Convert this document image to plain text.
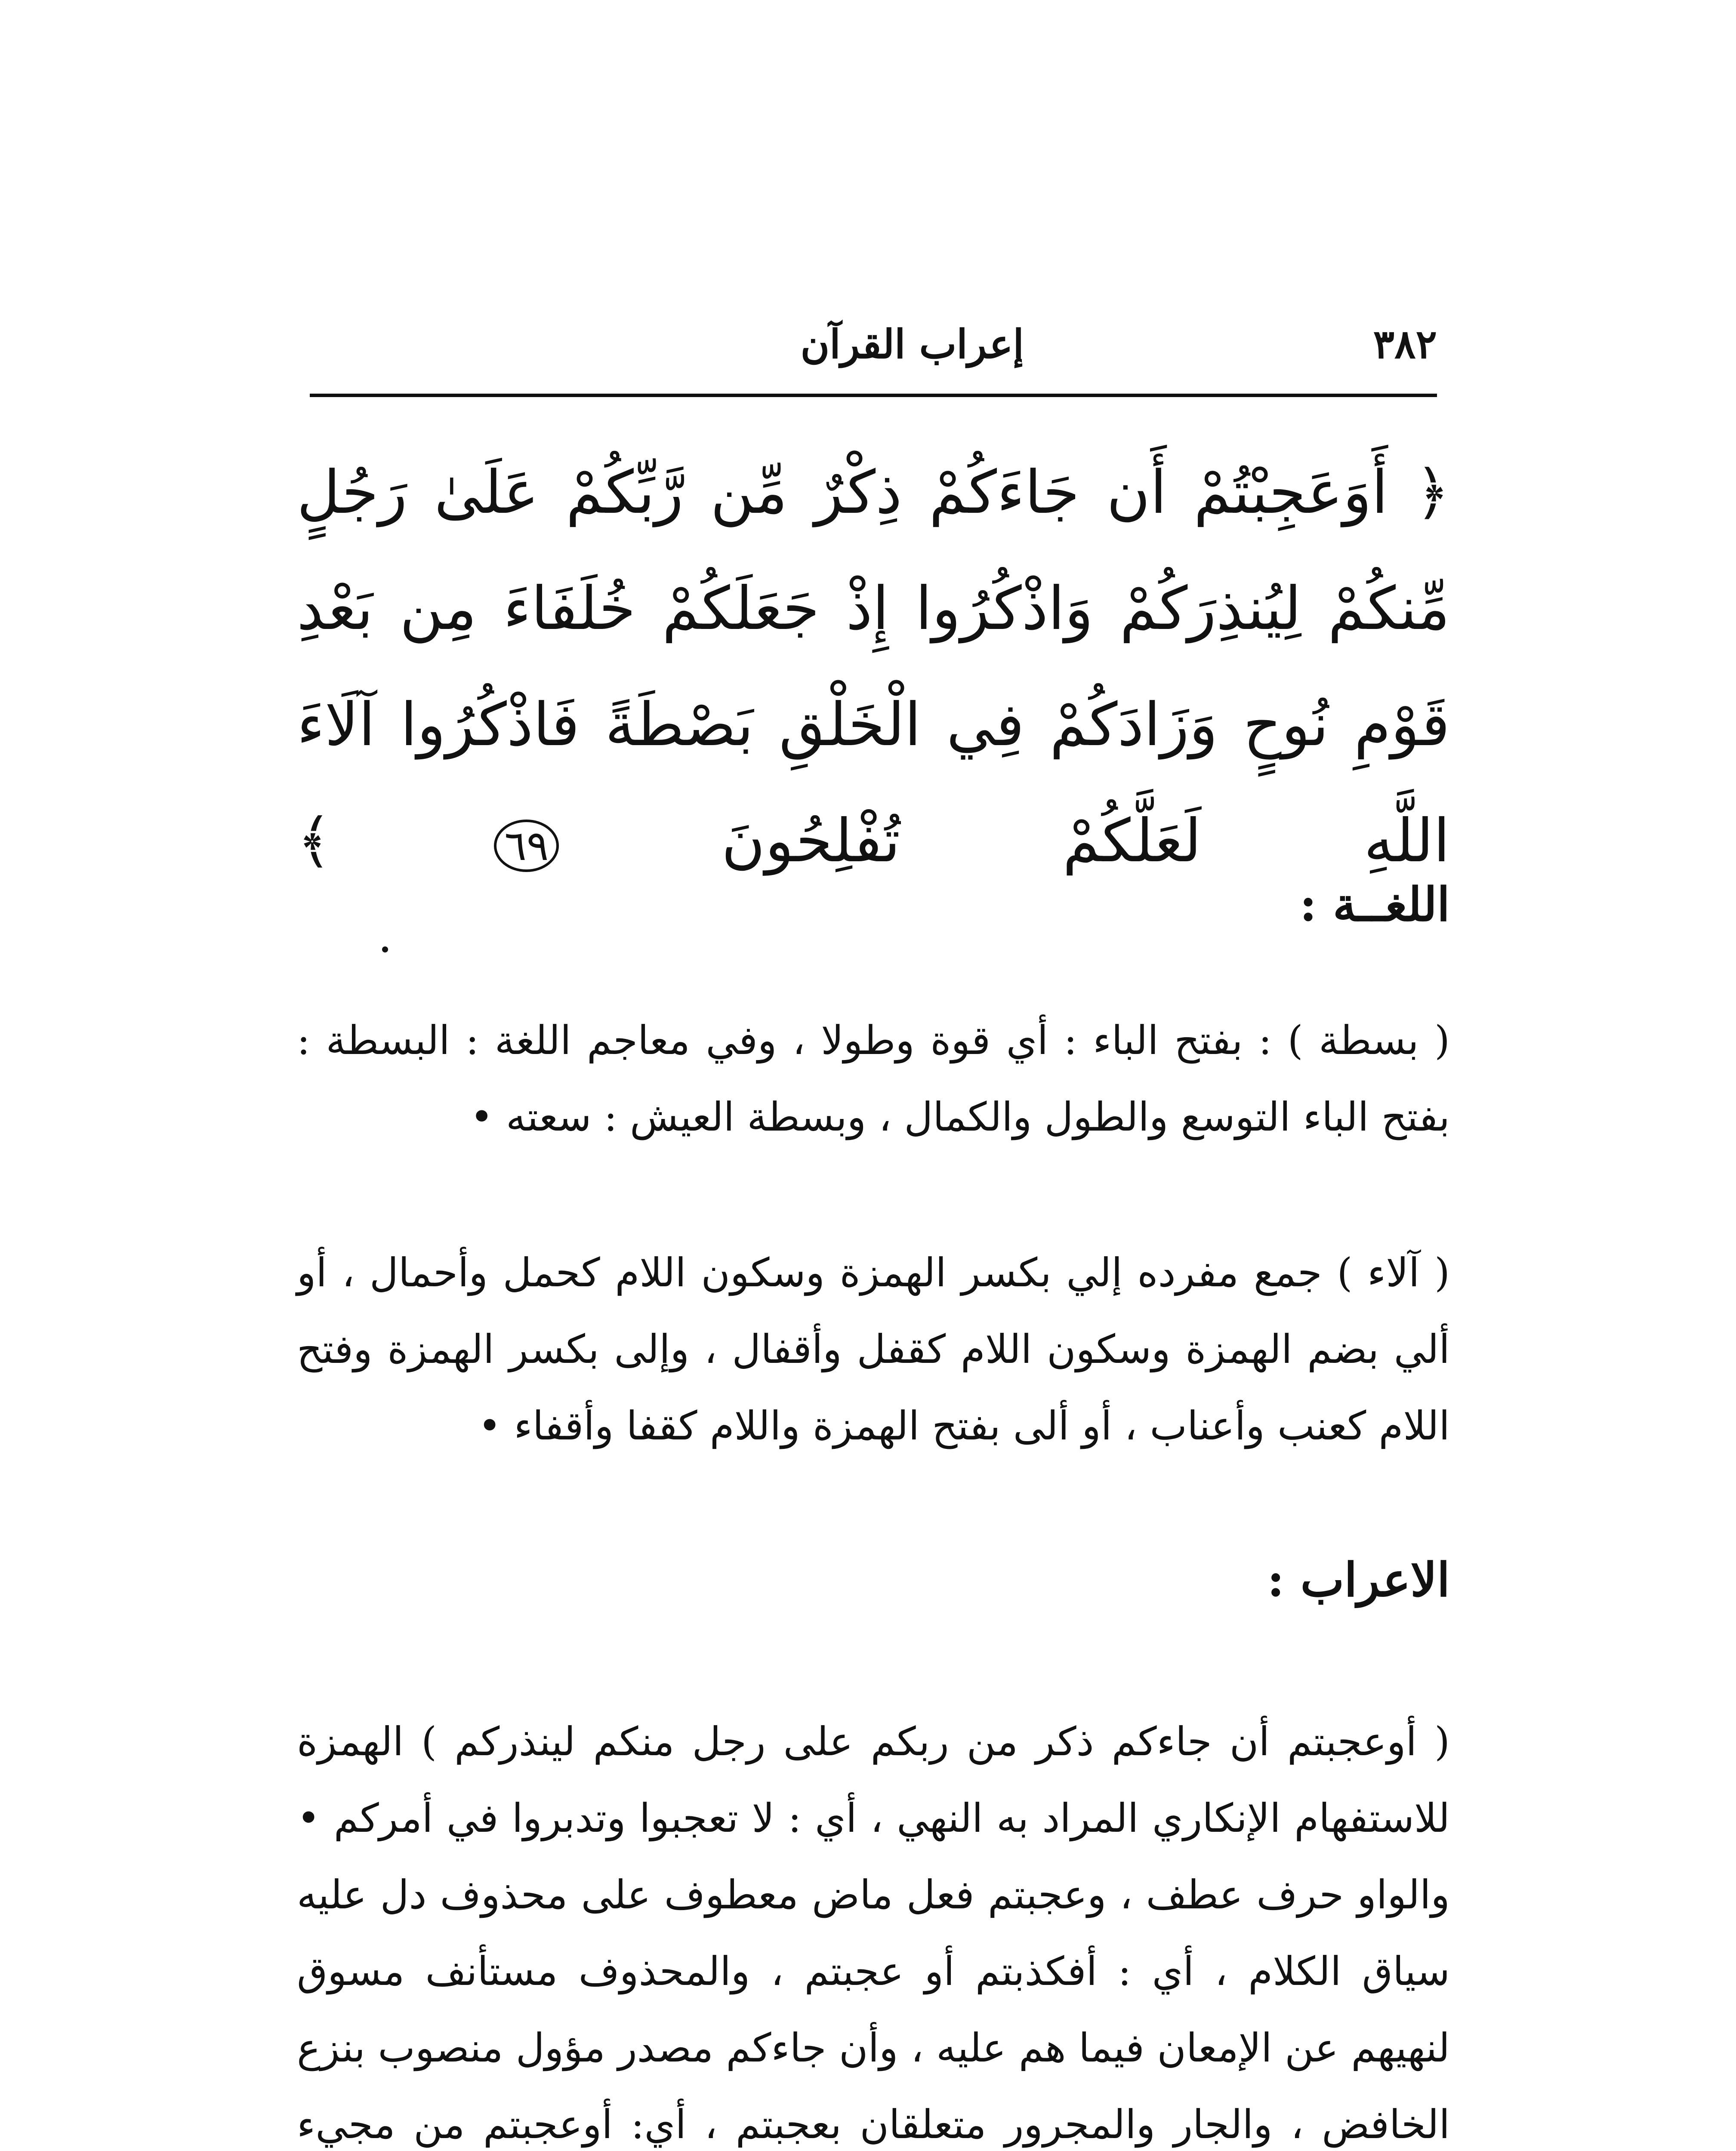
٣٨٢
إعراب القرآن
﴿ أَوَعَجِبْتُمْ أَن جَاءَكُمْ ذِكْرٌ مِّن رَّبِّكُمْ عَلَىٰ رَجُلٍ مِّنكُمْ لِيُنذِرَكُمْ وَاذْكُرُوا إِذْ جَعَلَكُمْ خُلَفَاءَ مِن بَعْدِ قَوْمِ نُوحٍ وَزَادَكُمْ فِي الْخَلْقِ بَصْطَةً فَاذْكُرُوا آلَاءَ اللَّهِ لَعَلَّكُمْ تُفْلِحُونَ ٦٩ ﴾
اللغــة :
( بسطة ) : بفتح الباء : أي قوة وطولا ، وفي معاجم اللغة : البسطة : بفتح الباء التوسع والطول والكمال ، وبسطة العيش : سعته •
( آلاء ) جمع مفرده إلي بكسر الهمزة وسكون اللام كحمل وأحمال ، أو ألي بضم الهمزة وسكون اللام كقفل وأقفال ، وإلى بكسر الهمزة وفتح اللام كعنب وأعناب ، أو ألى بفتح الهمزة واللام كقفا وأقفاء •
الاعراب :
( أوعجبتم أن جاءكم ذكر من ربكم على رجل منكم لينذركم ) الهمزة للاستفهام الإنكاري المراد به النهي ، أي : لا تعجبوا وتدبروا في أمركم • والواو حرف عطف ، وعجبتم فعل ماض معطوف على محذوف دل عليه سياق الكلام ، أي : أفكذبتم أو عجبتم ، والمحذوف مستأنف مسوق لنهيهم عن الإمعان فيما هم عليه ، وأن جاءكم مصدر مؤول منصوب بنزع الخافض ، والجار والمجرور متعلقان بعجبتم ، أي: أوعجبتم من مجيء
